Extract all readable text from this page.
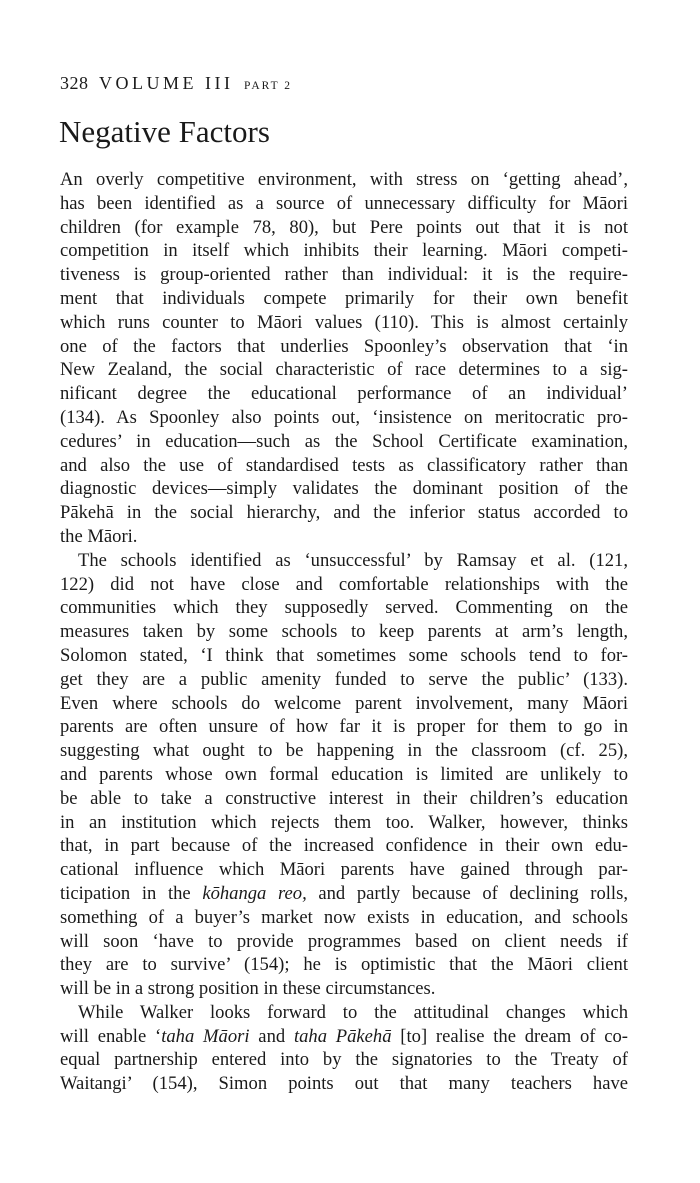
328 VOLUME III PART 2
Negative Factors
An overly competitive environment, with stress on ‘getting ahead’,
has been identified as a source of unnecessary difficulty for Māori
children (for example 78, 80), but Pere points out that it is not
competition in itself which inhibits their learning. Māori competi-
tiveness is group-oriented rather than individual: it is the require-
ment that individuals compete primarily for their own benefit
which runs counter to Māori values (110). This is almost certainly
one of the factors that underlies Spoonley’s observation that ‘in
New Zealand, the social characteristic of race determines to a sig-
nificant degree the educational performance of an individual’
(134). As Spoonley also points out, ‘insistence on meritocratic pro-
cedures’ in education—such as the School Certificate examination,
and also the use of standardised tests as classificatory rather than
diagnostic devices—simply validates the dominant position of the
Pākehā in the social hierarchy, and the inferior status accorded to
the Māori.
The schools identified as ‘unsuccessful’ by Ramsay et al. (121,
122) did not have close and comfortable relationships with the
communities which they supposedly served. Commenting on the
measures taken by some schools to keep parents at arm’s length,
Solomon stated, ‘I think that sometimes some schools tend to for-
get they are a public amenity funded to serve the public’ (133).
Even where schools do welcome parent involvement, many Māori
parents are often unsure of how far it is proper for them to go in
suggesting what ought to be happening in the classroom (cf. 25),
and parents whose own formal education is limited are unlikely to
be able to take a constructive interest in their children’s education
in an institution which rejects them too. Walker, however, thinks
that, in part because of the increased confidence in their own edu-
cational influence which Māori parents have gained through par-
ticipation in the kōhanga reo, and partly because of declining rolls,
something of a buyer’s market now exists in education, and schools
will soon ‘have to provide programmes based on client needs if
they are to survive’ (154); he is optimistic that the Māori client
will be in a strong position in these circumstances.
While Walker looks forward to the attitudinal changes which
will enable ‘taha Māori and taha Pākehā [to] realise the dream of co-
equal partnership entered into by the signatories to the Treaty of
Waitangi’ (154), Simon points out that many teachers have
